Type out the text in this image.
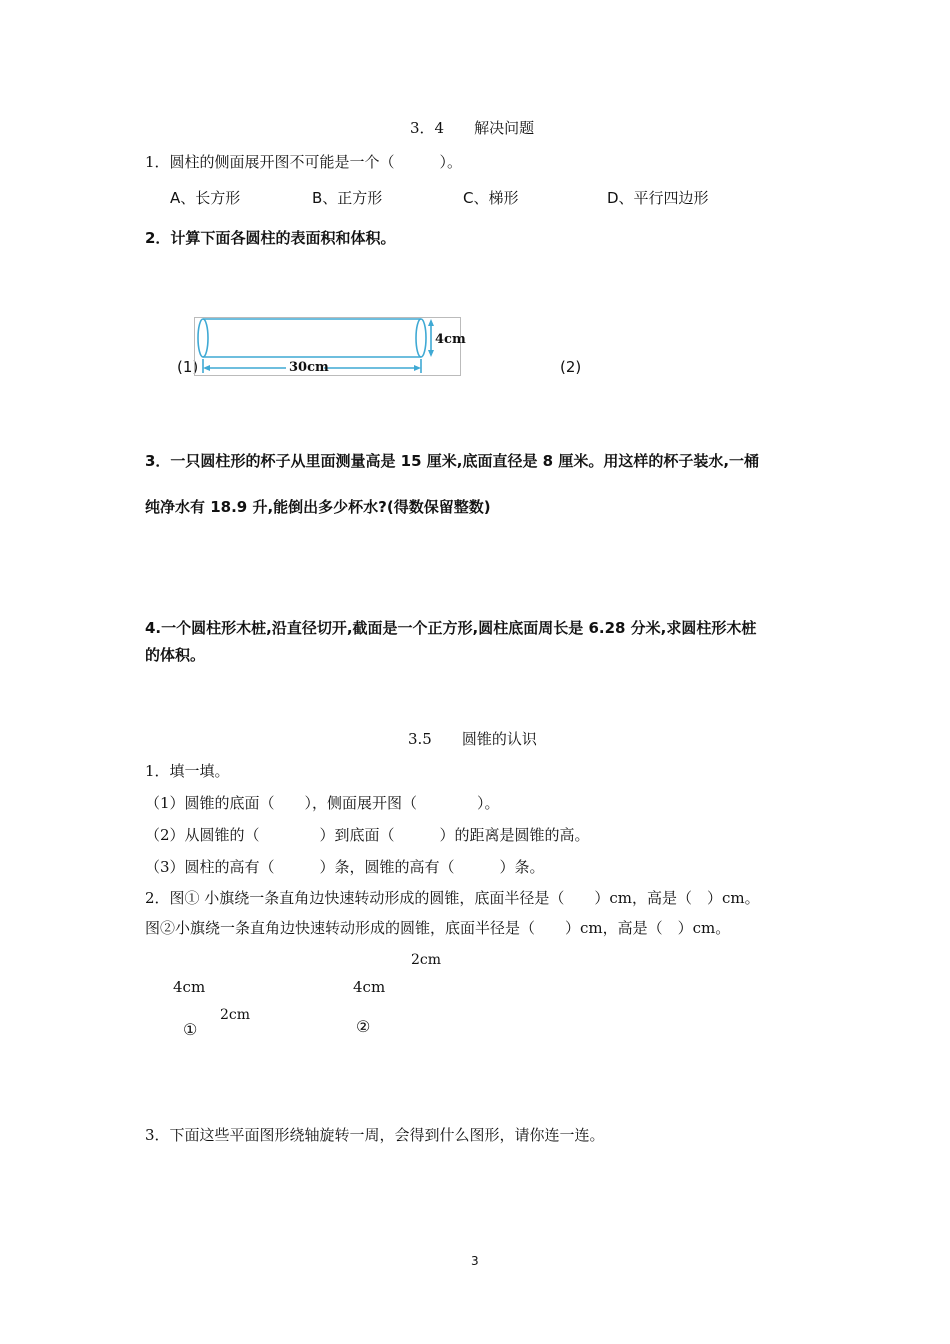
3．4　　解决问题
1．圆柱的侧面展开图不可能是一个（　　　）。
A、长方形	B、正方形	C、梯形	D、平行四边形
2．计算下面各圆柱的表面积和体积。
(1)	(2)
4cm
30cm
3．一只圆柱形的杯子从里面测量高是 15 厘米,底面直径是 8 厘米。用这样的杯子装水,一桶
纯净水有 18.9 升,能倒出多少杯水?(得数保留整数)
4.一个圆柱形木桩,沿直径切开,截面是一个正方形,圆柱底面周长是 6.28 分米,求圆柱形木桩
的体积。
3.5　　圆锥的认识
1．填一填。
（1）圆锥的底面（　　），侧面展开图（　　　　）。
（2）从圆锥的（　　　　）到底面（　　　）的距离是圆锥的高。
（3）圆柱的高有（　　　）条，圆锥的高有（　　　）条。
2．图① 小旗绕一条直角边快速转动形成的圆锥，底面半径是（　　）cm，高是（　）cm。
图②小旗绕一条直角边快速转动形成的圆锥，底面半径是（　　）cm，高是（　）cm。
2cm
4cm	4cm
2cm
①	②
3．下面这些平面图形绕轴旋转一周，会得到什么图形，请你连一连。
3
